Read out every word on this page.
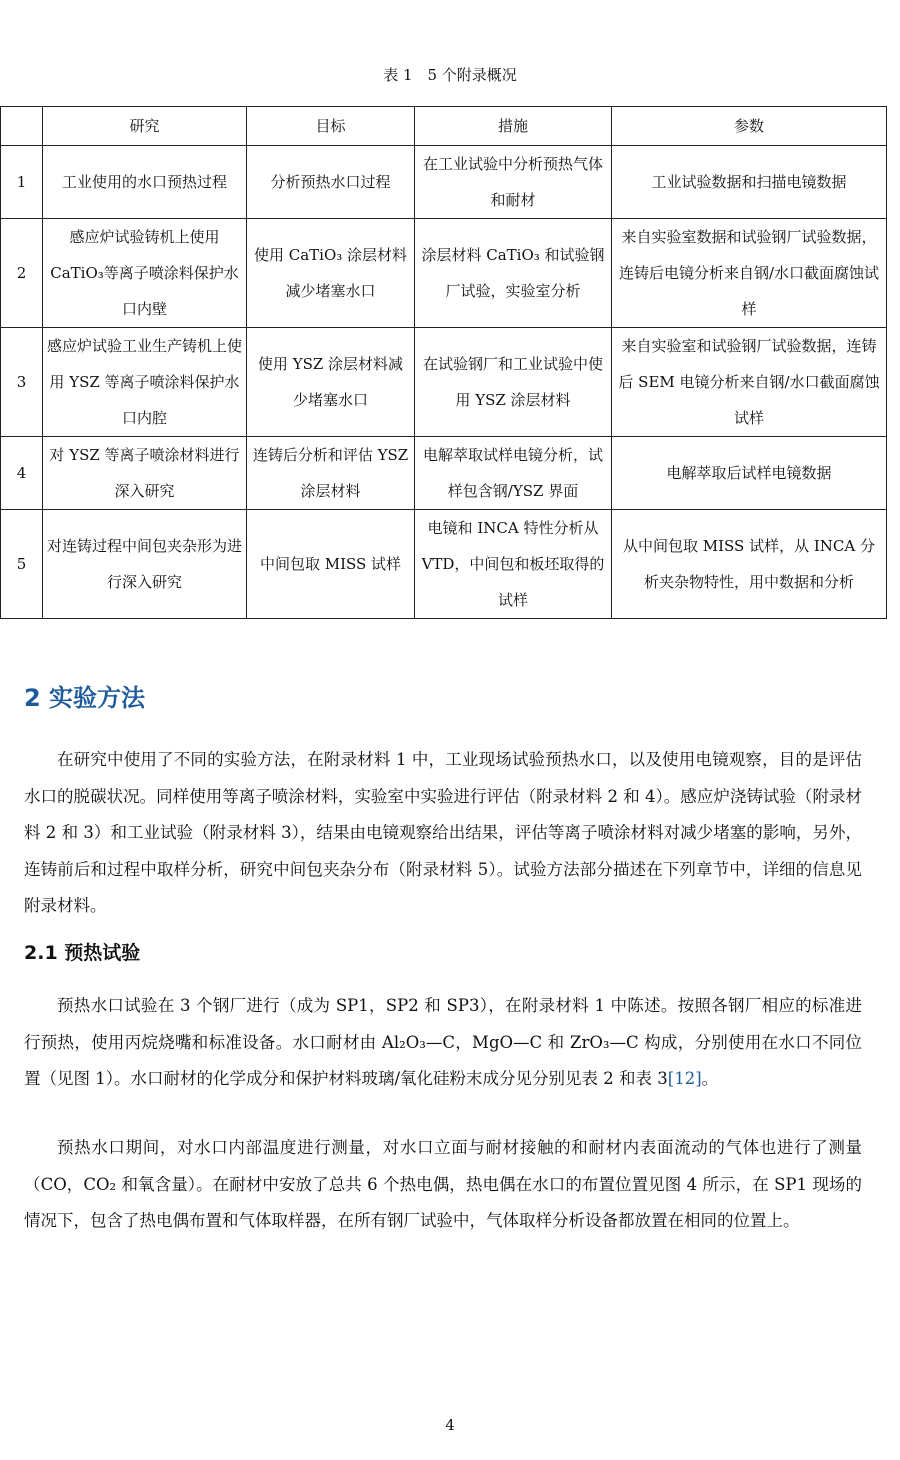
表 1　5 个附录概况
	研究	目标	措施	参数
1	工业使用的水口预热过程	分析预热水口过程	在工业试验中分析预热气体和耐材	工业试验数据和扫描电镜数据
2	感应炉试验铸机上使用CaTiO₃等离子喷涂料保护水口内壁	使用 CaTiO₃ 涂层材料减少堵塞水口	涂层材料 CaTiO₃ 和试验钢厂试验，实验室分析	来自实验室数据和试验钢厂试验数据，连铸后电镜分析来自钢/水口截面腐蚀试样
3	感应炉试验工业生产铸机上使用 YSZ 等离子喷涂料保护水口内腔	使用 YSZ 涂层材料减少堵塞水口	在试验钢厂和工业试验中使用 YSZ 涂层材料	来自实验室和试验钢厂试验数据，连铸后 SEM 电镜分析来自钢/水口截面腐蚀试样
4	对 YSZ 等离子喷涂材料进行深入研究	连铸后分析和评估 YSZ 涂层材料	电解萃取试样电镜分析，试样包含钢/YSZ 界面	电解萃取后试样电镜数据
5	对连铸过程中间包夹杂形为进行深入研究	中间包取 MISS 试样	电镜和 INCA 特性分析从 VTD，中间包和板坯取得的试样	从中间包取 MISS 试样，从 INCA 分析夹杂物特性，用中数据和分析
2 实验方法

在研究中使用了不同的实验方法，在附录材料 1 中，工业现场试验预热水口，以及使用电镜观察，目的是评估水口的脱碳状况。同样使用等离子喷涂材料，实验室中实验进行评估（附录材料 2 和 4）。感应炉浇铸试验（附录材料 2 和 3）和工业试验（附录材料 3），结果由电镜观察给出结果，评估等离子喷涂材料对减少堵塞的影响，另外，连铸前后和过程中取样分析，研究中间包夹杂分布（附录材料 5）。试验方法部分描述在下列章节中，详细的信息见附录材料。

2.1 预热试验

预热水口试验在 3 个钢厂进行（成为 SP1，SP2 和 SP3），在附录材料 1 中陈述。按照各钢厂相应的标准进行预热，使用丙烷烧嘴和标准设备。水口耐材由 Al₂O₃—C，MgO—C 和 ZrO₃—C 构成，分别使用在水口不同位置（见图 1）。水口耐材的化学成分和保护材料玻璃/氧化硅粉末成分见分别见表 2 和表 3[12]。

预热水口期间，对水口内部温度进行测量，对水口立面与耐材接触的和耐材内表面流动的气体也进行了测量（CO，CO₂ 和氧含量）。在耐材中安放了总共 6 个热电偶，热电偶在水口的布置位置见图 4 所示，在 SP1 现场的情况下，包含了热电偶布置和气体取样器，在所有钢厂试验中，气体取样分析设备都放置在相同的位置上。

4
